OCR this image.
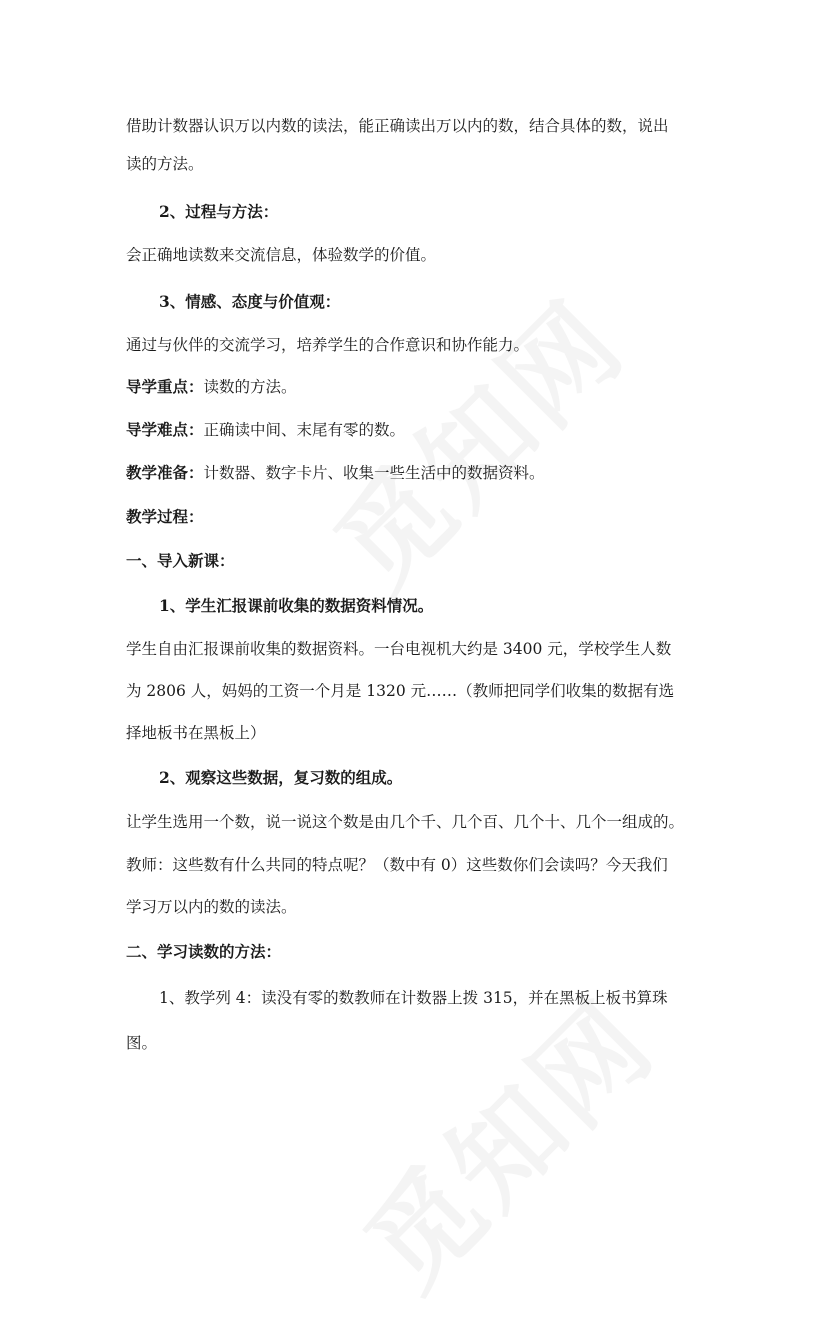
借助计数器认识万以内数的读法，能正确读出万以内的数，结合具体的数，说出
读的方法。
2、过程与方法：
会正确地读数来交流信息，体验数学的价值。
3、情感、态度与价值观：
通过与伙伴的交流学习，培养学生的合作意识和协作能力。
导学重点：读数的方法。
导学难点：正确读中间、末尾有零的数。
教学准备：计数器、数字卡片、收集一些生活中的数据资料。
教学过程：
一、导入新课：
1、学生汇报课前收集的数据资料情况。
学生自由汇报课前收集的数据资料。一台电视机大约是 3400 元，学校学生人数
为 2806 人，妈妈的工资一个月是 1320 元……（教师把同学们收集的数据有选
择地板书在黑板上）
2、观察这些数据，复习数的组成。
让学生选用一个数，说一说这个数是由几个千、几个百、几个十、几个一组成的。
教师：这些数有什么共同的特点呢？（数中有 0）这些数你们会读吗？今天我们
学习万以内的数的读法。
二、学习读数的方法：
1、教学列 4：读没有零的数教师在计数器上拨 315，并在黑板上板书算珠
图。
